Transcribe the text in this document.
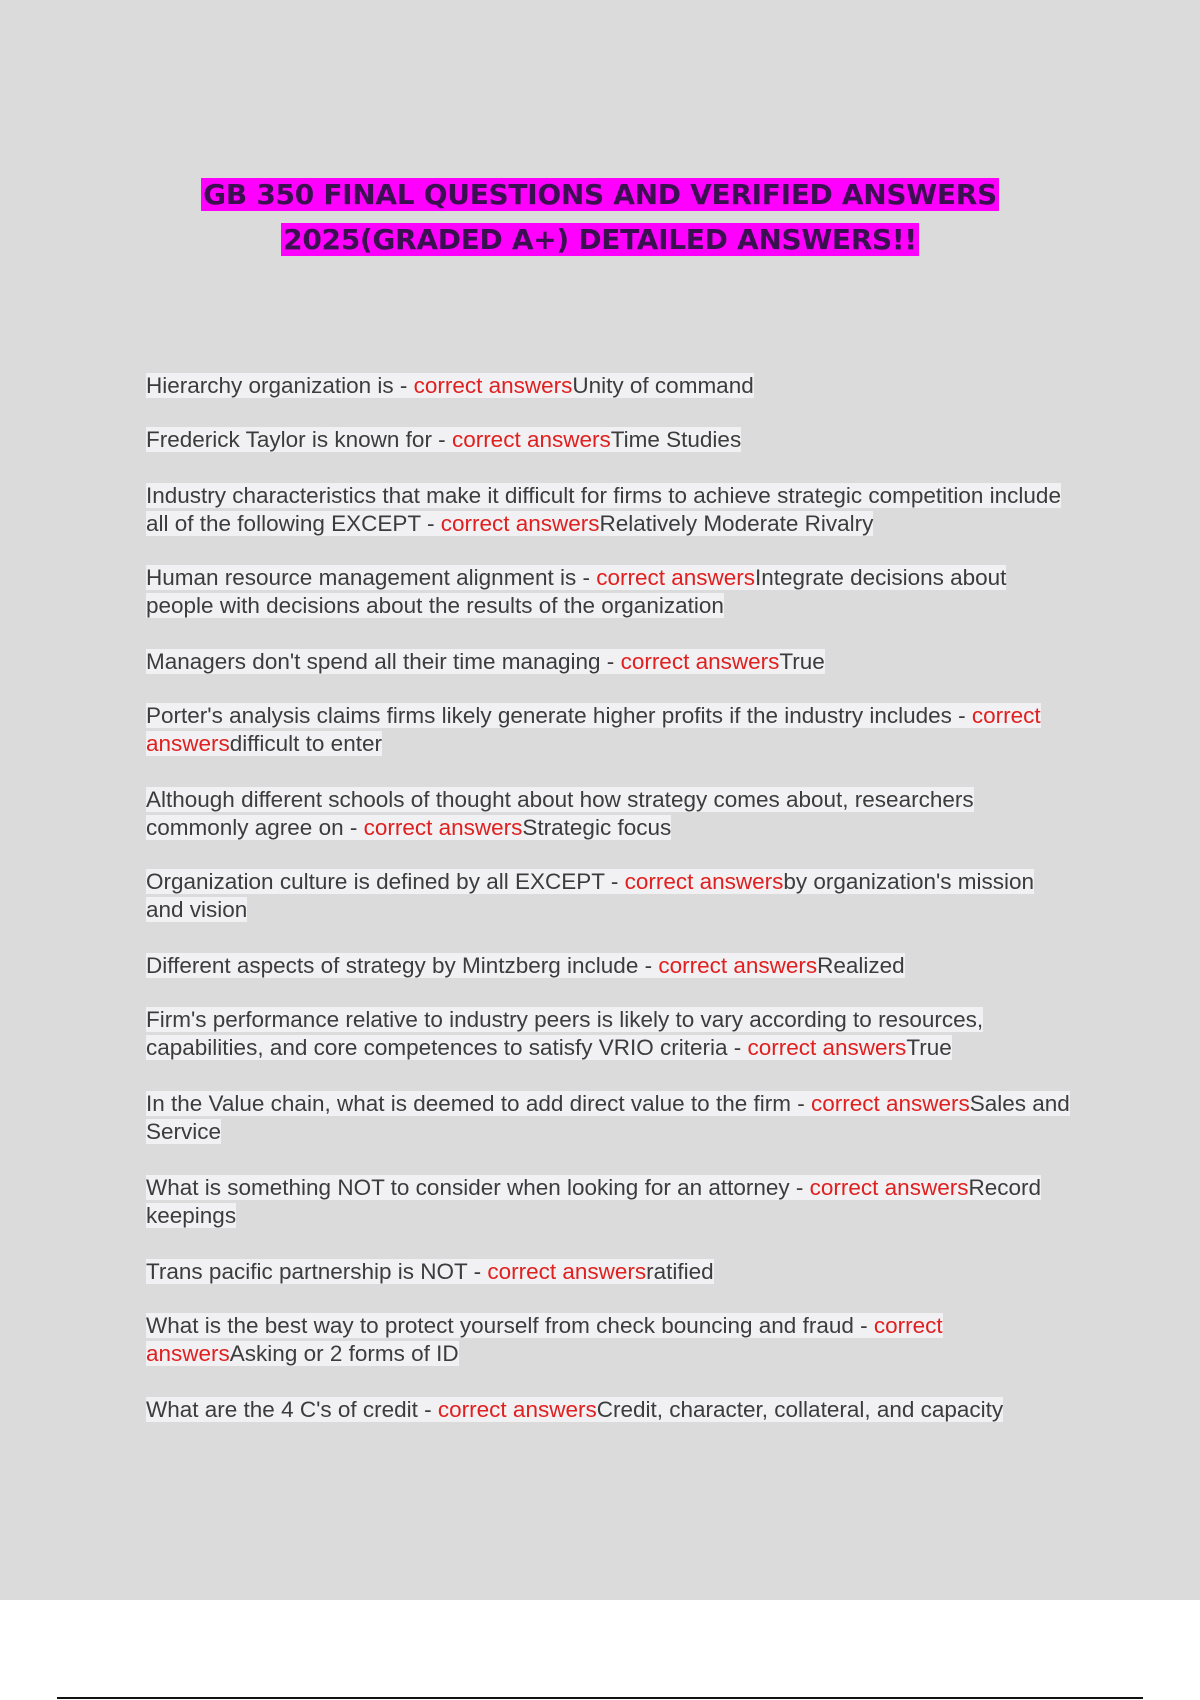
GB 350 FINAL QUESTIONS AND VERIFIED ANSWERS
2025(GRADED A+) DETAILED ANSWERS!!

Hierarchy organization is - correct answersUnity of command

Frederick Taylor is known for - correct answersTime Studies

Industry characteristics that make it difficult for firms to achieve strategic competition include all of the following EXCEPT - correct answersRelatively Moderate Rivalry

Human resource management alignment is - correct answersIntegrate decisions about people with decisions about the results of the organization

Managers don't spend all their time managing - correct answersTrue

Porter's analysis claims firms likely generate higher profits if the industry includes - correct answersdifficult to enter

Although different schools of thought about how strategy comes about, researchers commonly agree on - correct answersStrategic focus

Organization culture is defined by all EXCEPT - correct answersby organization's mission and vision

Different aspects of strategy by Mintzberg include - correct answersRealized

Firm's performance relative to industry peers is likely to vary according to resources, capabilities, and core competences to satisfy VRIO criteria - correct answersTrue

In the Value chain, what is deemed to add direct value to the firm - correct answersSales and Service

What is something NOT to consider when looking for an attorney - correct answersRecord keepings

Trans pacific partnership is NOT - correct answersratified

What is the best way to protect yourself from check bouncing and fraud - correct answersAsking or 2 forms of ID

What are the 4 C's of credit - correct answersCredit, character, collateral, and capacity
